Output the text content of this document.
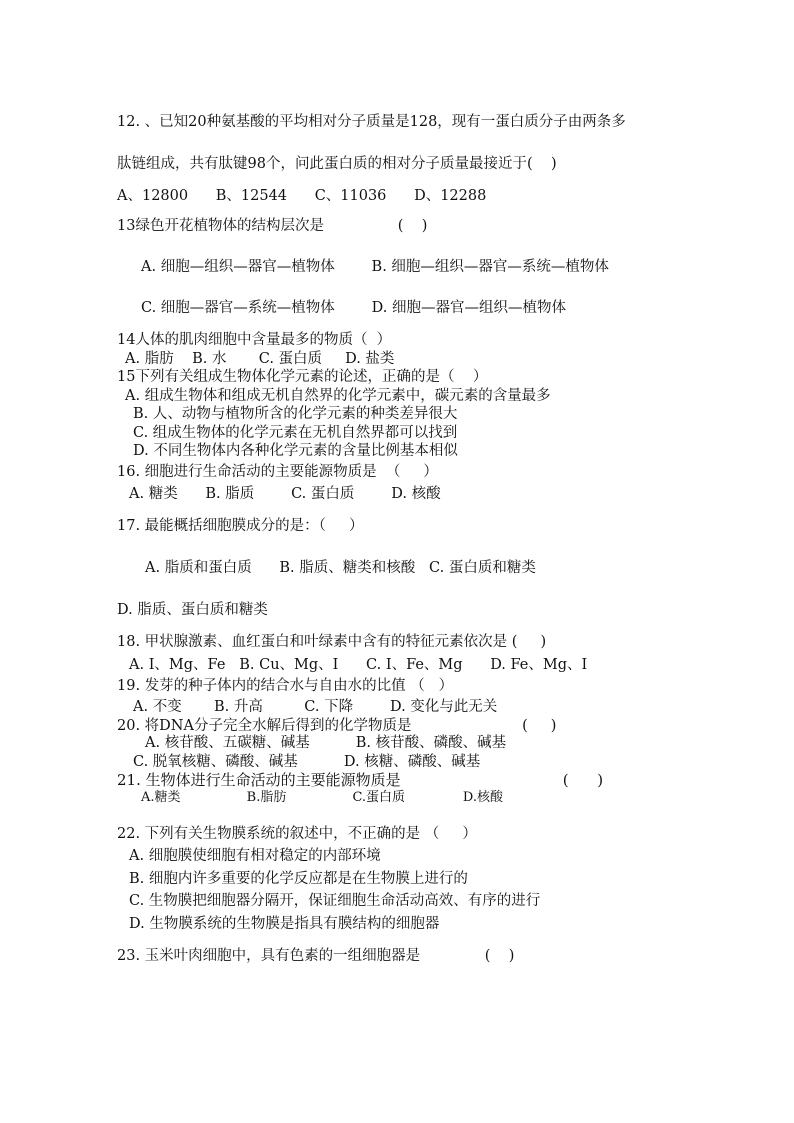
12. 、已知20种氨基酸的平均相对分子质量是128，现有一蛋白质分子由两条多
肽链组成，共有肽键98个，问此蛋白质的相对分子质量最接近于(    )
A、12800      B、12544      C、11036      D、12288
13绿色开花植物体的结构层次是                (    )
A. 细胞—组织—器官—植物体        B. 细胞—组织—器官—系统—植物体
C. 细胞—器官—系统—植物体        D. 细胞—器官—组织—植物体
14人体的肌肉细胞中含量最多的物质（  ）
A. 脂肪    B. 水       C. 蛋白质     D. 盐类
15下列有关组成生物体化学元素的论述，正确的是（    ）
A. 组成生物体和组成无机自然界的化学元素中，碳元素的含量最多
B. 人、动物与植物所含的化学元素的种类差异很大
C. 组成生物体的化学元素在无机自然界都可以找到
D. 不同生物体内各种化学元素的含量比例基本相似
16. 细胞进行生命活动的主要能源物质是  （     ）
A. 糖类      B. 脂质        C. 蛋白质        D. 核酸
17. 最能概括细胞膜成分的是：（     ）
A. 脂质和蛋白质      B. 脂质、糖类和核酸   C. 蛋白质和糖类
D. 脂质、蛋白质和糖类
18. 甲状腺激素、血红蛋白和叶绿素中含有的特征元素依次是 (     )
A. I、Mg、Fe   B. Cu、Mg、I      C. I、Fe、Mg      D. Fe、Mg、I
19. 发芽的种子体内的结合水与自由水的比值 （   ）
A. 不变       B. 升高         C. 下降        D. 变化与此无关
20. 将DNA分子完全水解后得到的化学物质是                        (     )
A. 核苷酸、五碳糖、碱基          B. 核苷酸、磷酸、碱基
C. 脱氧核糖、磷酸、碱基          D. 核糖、磷酸、碱基
21. 生物体进行生命活动的主要能源物质是                                  (      )
A.糖类                B.脂肪                C.蛋白质              D.核酸
22. 下列有关生物膜系统的叙述中，不正确的是 （     ）
A. 细胞膜使细胞有相对稳定的内部环境
B. 细胞内许多重要的化学反应都是在生物膜上进行的
C. 生物膜把细胞器分隔开，保证细胞生命活动高效、有序的进行
D. 生物膜系统的生物膜是指具有膜结构的细胞器
23. 玉米叶肉细胞中，具有色素的一组细胞器是              (    )
